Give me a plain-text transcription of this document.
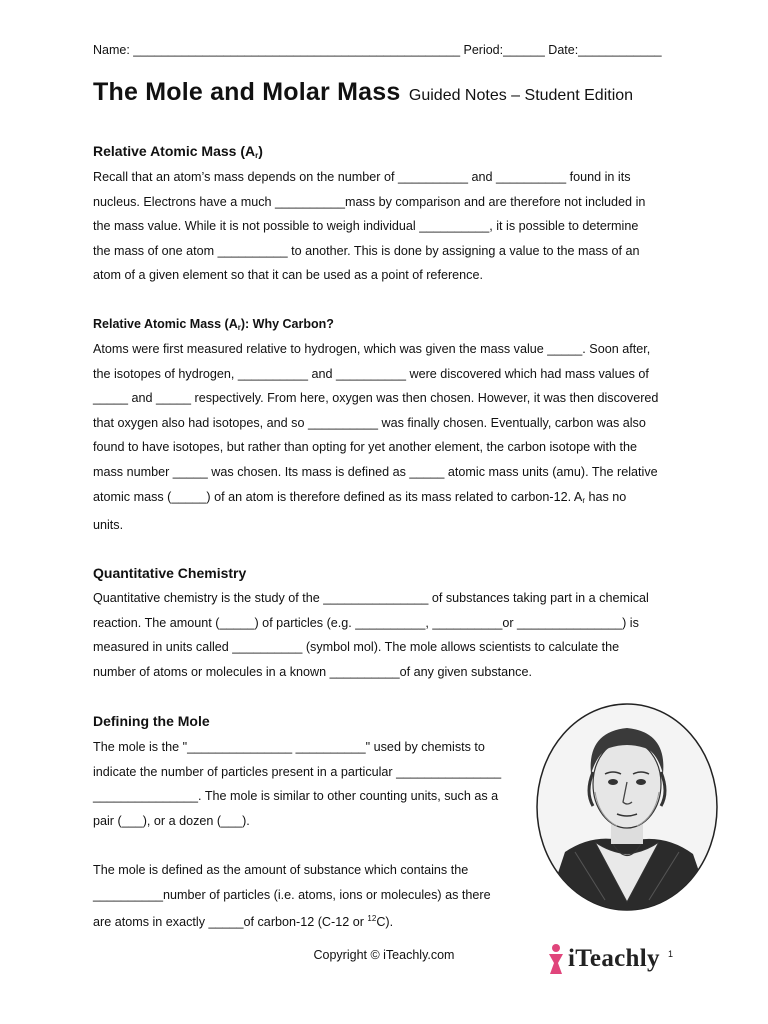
Name: _______________________________________________ Period:______ Date:____________
The Mole and Molar Mass Guided Notes – Student Edition
Relative Atomic Mass $(A_r)$
Recall that an atom’s mass depends on the number of __________ and __________ found in its
nucleus. Electrons have a much __________mass by comparison and are therefore not included in
the mass value. While it is not possible to weigh individual __________, it is possible to determine
the mass of one atom __________ to another. This is done by assigning a value to the mass of an
atom of a given element so that it can be used as a point of reference.
Relative Atomic Mass $(A_r)$: Why Carbon?
Atoms were first measured relative to hydrogen, which was given the mass value _____. Soon after,
the isotopes of hydrogen, __________ and __________ were discovered which had mass values of
_____ and _____ respectively. From here, oxygen was then chosen. However, it was then discovered
that oxygen also had isotopes, and so __________ was finally chosen. Eventually, carbon was also
found to have isotopes, but rather than opting for yet another element, the carbon isotope with the
mass number _____ was chosen. Its mass is defined as _____ atomic mass units (amu). The relative
atomic mass (_____) of an atom is therefore defined as its mass related to carbon-12. $A_r$ has no
units.
Quantitative Chemistry
Quantitative chemistry is the study of the _______________ of substances taking part in a chemical
reaction. The amount (_____) of particles (e.g. __________, __________or _______________) is
measured in units called __________ (symbol mol). The mole allows scientists to calculate the
number of atoms or molecules in a known __________of any given substance.
Defining the Mole
The mole is the "_______________ __________" used by chemists to
indicate the number of particles present in a particular _______________
_______________. The mole is similar to other counting units, such as a
pair (___), or a dozen (___).
The mole is defined as the amount of substance which contains the
__________number of particles (i.e. atoms, ions or molecules) as there
are atoms in exactly _____of carbon-12 (C-12 or $^{12}$C).
Copyright © iTeachly.com	iTeachly 1
